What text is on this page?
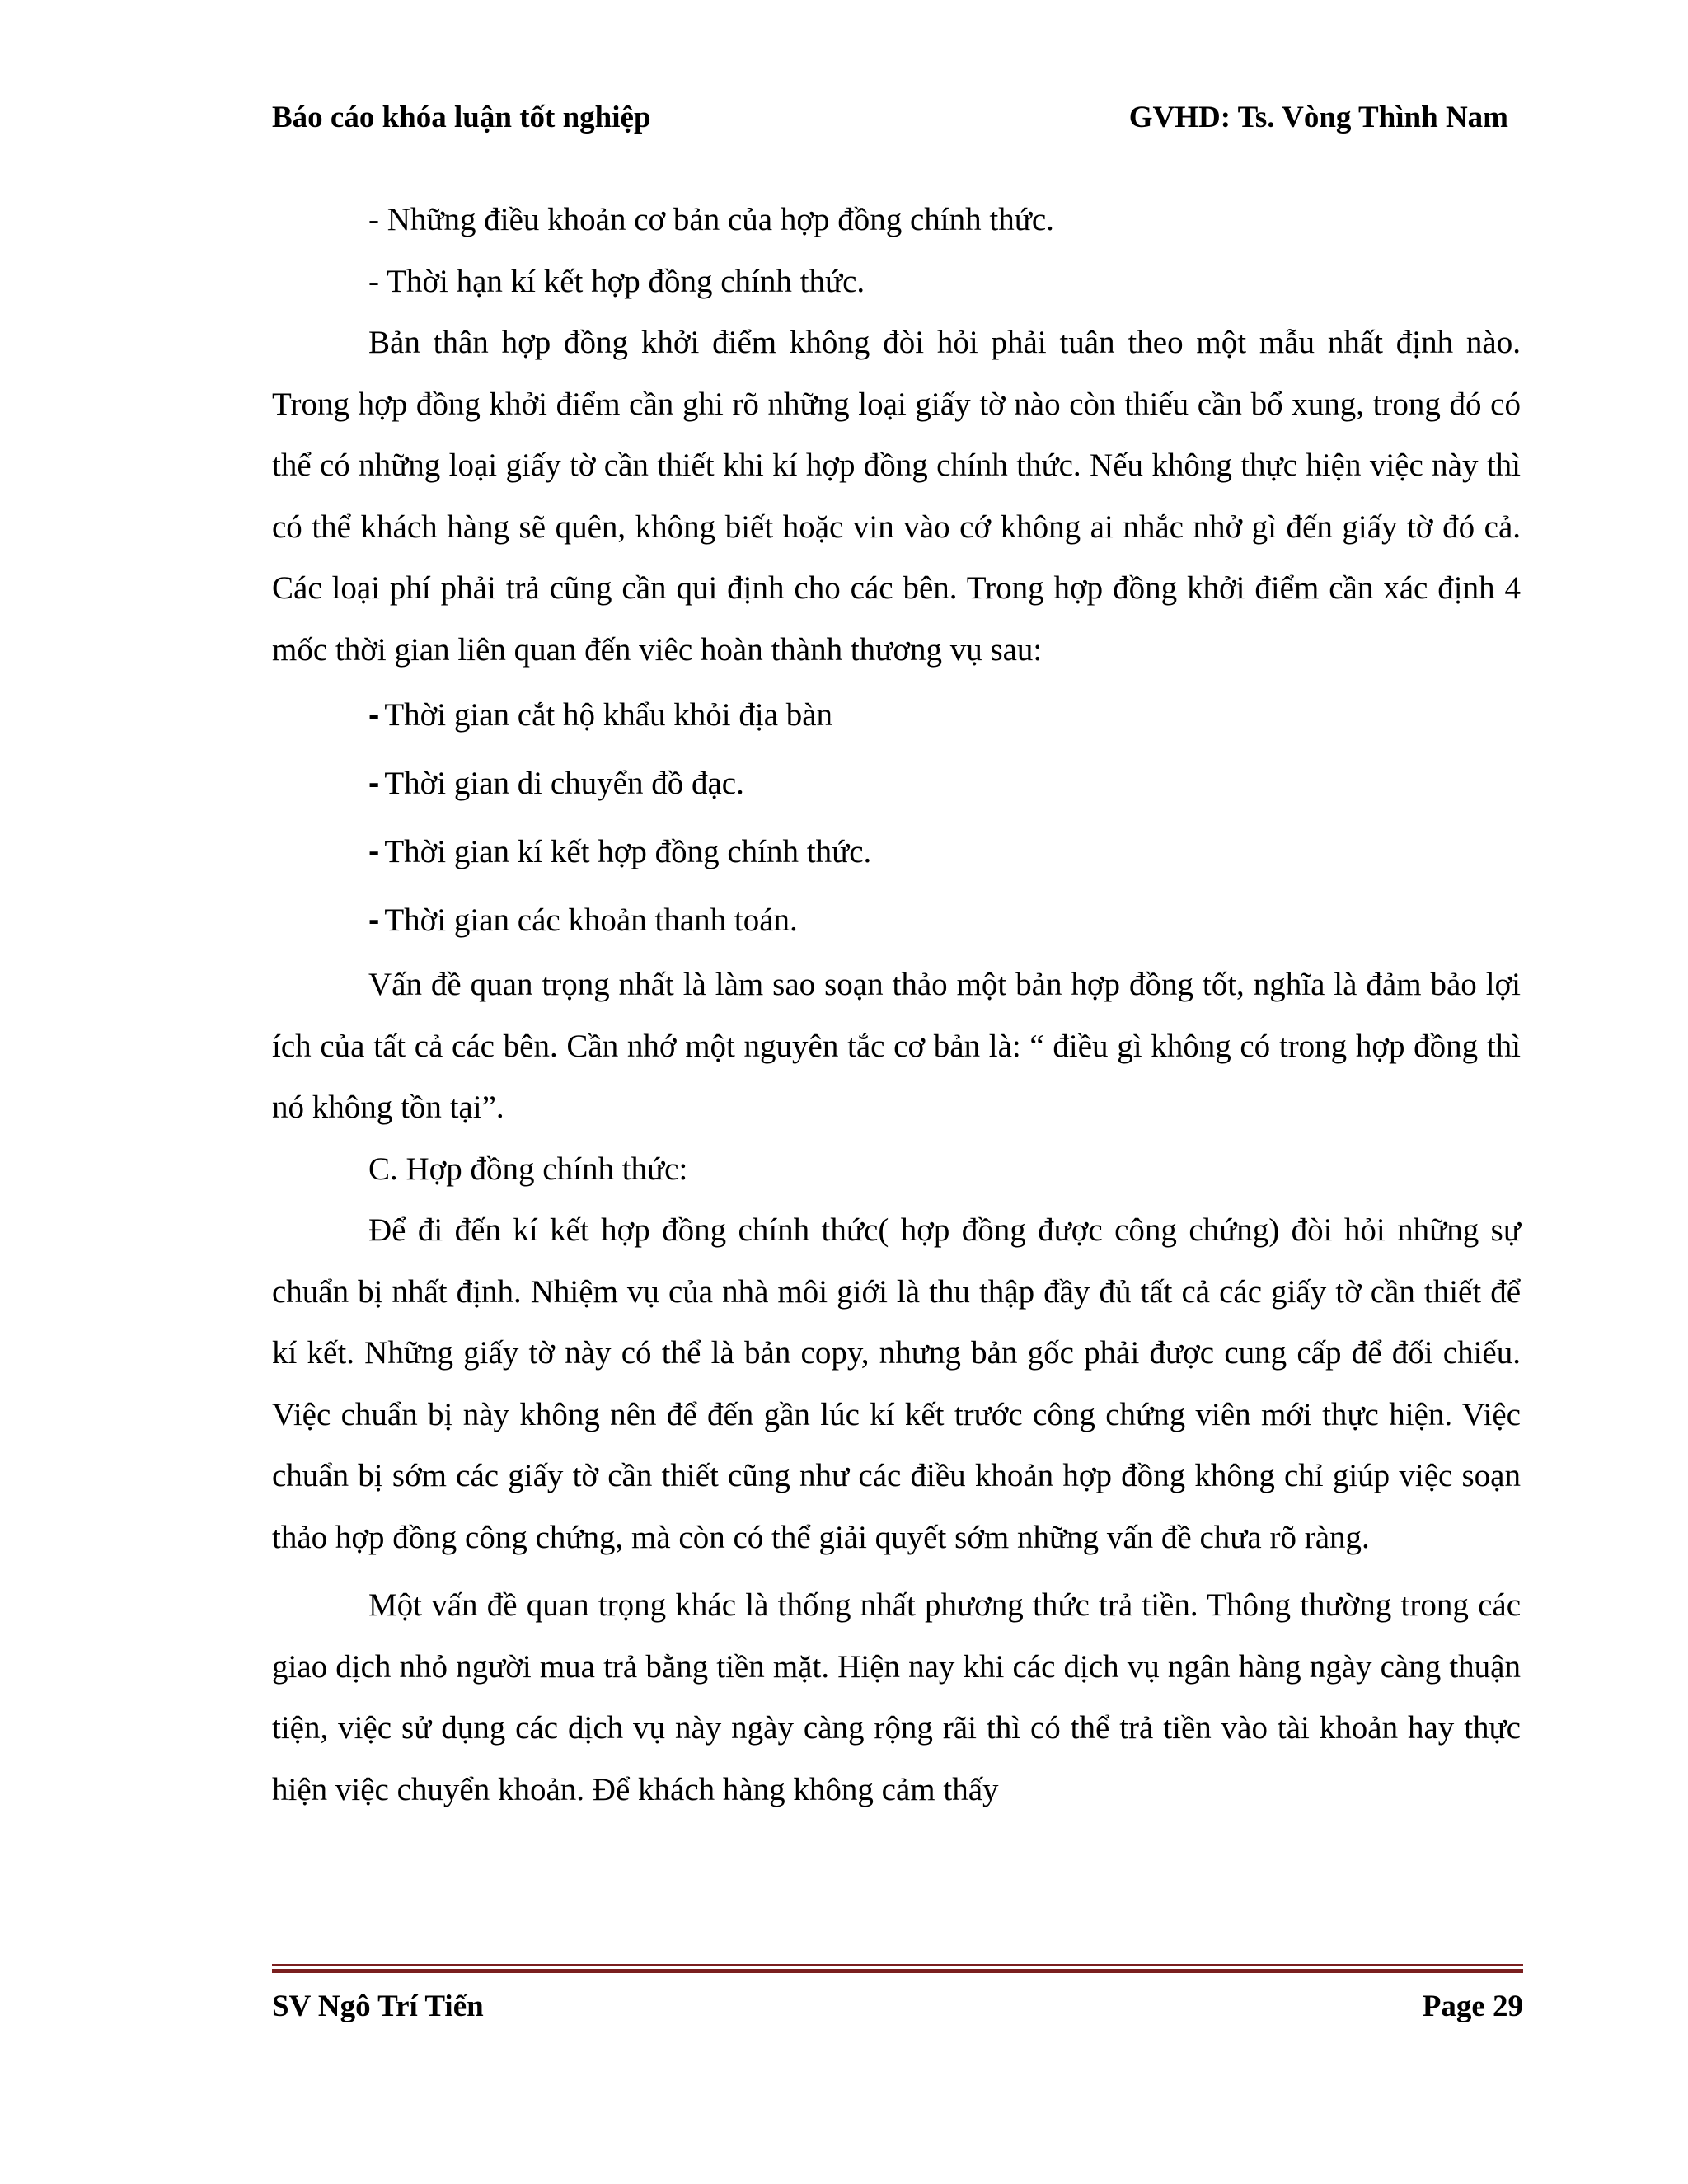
Báo cáo khóa luận tốt nghiệp	GVHD: Ts. Vòng Thình Nam

- Những điều khoản cơ bản của hợp đồng chính thức.

- Thời hạn kí kết hợp đồng chính thức.

Bản thân hợp đồng khởi điểm không đòi hỏi phải tuân theo một mẫu nhất định nào. Trong hợp đồng khởi điểm cần ghi rõ những loại giấy tờ nào còn thiếu cần bổ xung, trong đó có thể có những loại giấy tờ cần thiết khi kí hợp đồng chính thức. Nếu không thực hiện việc này thì có thể khách hàng sẽ quên, không biết hoặc vin vào cớ không ai nhắc nhở gì đến giấy tờ đó cả. Các loại phí phải trả cũng cần qui định cho các bên. Trong hợp đồng khởi điểm cần xác định 4 mốc thời gian liên quan đến viêc hoàn thành thương vụ sau:

- Thời gian cắt hộ khẩu khỏi địa bàn

- Thời gian di chuyển đồ đạc.

- Thời gian kí kết hợp đồng chính thức.

- Thời gian các khoản thanh toán.

Vấn đề quan trọng nhất là làm sao soạn thảo một bản hợp đồng tốt, nghĩa là đảm bảo lợi ích của tất cả các bên. Cần nhớ một nguyên tắc cơ bản là: “ điều gì không có trong hợp đồng thì nó không tồn tại”.

C. Hợp đồng chính thức:

Để đi đến kí kết hợp đồng chính thức( hợp đồng được công chứng) đòi hỏi những sự chuẩn bị nhất định. Nhiệm vụ của nhà môi giới là thu thập đầy đủ tất cả các giấy tờ cần thiết để kí kết. Những giấy tờ này có thể là bản copy, nhưng bản gốc phải được cung cấp để đối chiếu. Việc chuẩn bị này không nên để đến gần lúc kí kết trước công chứng viên mới thực hiện. Việc chuẩn bị sớm các giấy tờ cần thiết cũng như các điều khoản hợp đồng không chỉ giúp việc soạn thảo hợp đồng công chứng, mà còn có thể giải quyết sớm những vấn đề chưa rõ ràng.

Một vấn đề quan trọng khác là thống nhất phương thức trả tiền. Thông thường trong các giao dịch nhỏ người mua trả bằng tiền mặt. Hiện nay khi các dịch vụ ngân hàng ngày càng thuận tiện, việc sử dụng các dịch vụ này ngày càng rộng rãi thì có thể trả tiền vào tài khoản hay thực hiện việc chuyển khoản. Để khách hàng không cảm thấy

SV Ngô Trí Tiến	Page 29
